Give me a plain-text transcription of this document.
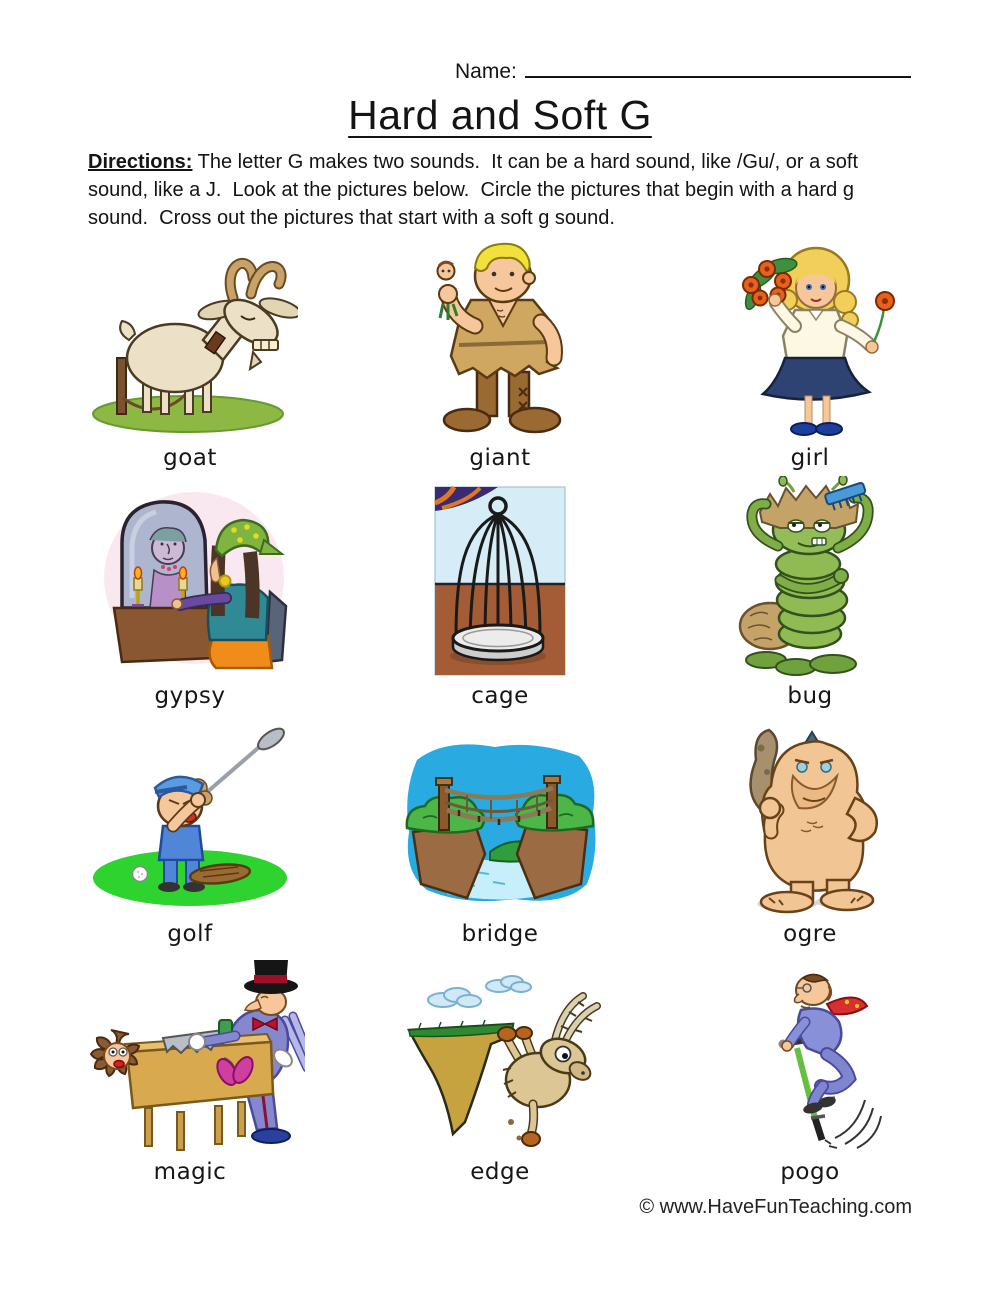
Name:
Hard and Soft G

Directions: The letter G makes two sounds.  It can be a hard sound, like /Gu/, or a soft sound, like a J.  Look at the pictures below.  Circle the pictures that begin with a hard g sound.  Cross out the pictures that start with a soft g sound.

goat	giant	girl
gypsy	cage	bug
golf	bridge	ogre
magic	edge	pogo
© www.HaveFunTeaching.com
